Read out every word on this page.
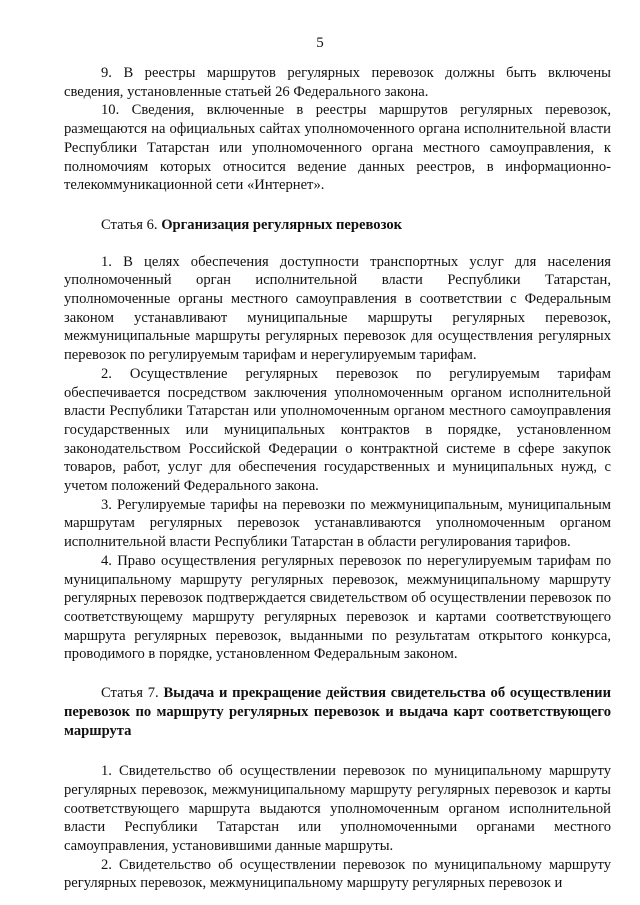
5

9. В реестры маршрутов регулярных перевозок должны быть включены сведения, установленные статьей 26 Федерального закона.

10. Сведения, включенные в реестры маршрутов регулярных перевозок, размещаются на официальных сайтах уполномоченного органа исполнительной власти Республики Татарстан или уполномоченного органа местного самоуправления, к полномочиям которых относится ведение данных реестров, в информационно-телекоммуникационной сети «Интернет».

Статья 6. Организация регулярных перевозок

1. В целях обеспечения доступности транспортных услуг для населения уполномоченный орган исполнительной власти Республики Татарстан, уполномоченные органы местного самоуправления в соответствии с Федеральным законом устанавливают муниципальные маршруты регулярных перевозок, межмуниципальные маршруты регулярных перевозок для осуществления регулярных перевозок по регулируемым тарифам и нерегулируемым тарифам.

2. Осуществление регулярных перевозок по регулируемым тарифам обеспечивается посредством заключения уполномоченным органом исполнительной власти Республики Татарстан или уполномоченным органом местного самоуправления государственных или муниципальных контрактов в порядке, установленном законодательством Российской Федерации о контрактной системе в сфере закупок товаров, работ, услуг для обеспечения государственных и муниципальных нужд, с учетом положений Федерального закона.

3. Регулируемые тарифы на перевозки по межмуниципальным, муниципальным маршрутам регулярных перевозок устанавливаются уполномоченным органом исполнительной власти Республики Татарстан в области регулирования тарифов.

4. Право осуществления регулярных перевозок по нерегулируемым тарифам по муниципальному маршруту регулярных перевозок, межмуниципальному маршруту регулярных перевозок подтверждается свидетельством об осуществлении перевозок по соответствующему маршруту регулярных перевозок и картами соответствующего маршрута регулярных перевозок, выданными по результатам открытого конкурса, проводимого в порядке, установленном Федеральным законом.

Статья 7. Выдача и прекращение действия свидетельства об осуществлении перевозок по маршруту регулярных перевозок и выдача карт соответствующего маршрута

1. Свидетельство об осуществлении перевозок по муниципальному маршруту регулярных перевозок, межмуниципальному маршруту регулярных перевозок и карты соответствующего маршрута выдаются уполномоченным органом исполнительной власти Республики Татарстан или уполномоченными органами местного самоуправления, установившими данные маршруты.

2. Свидетельство об осуществлении перевозок по муниципальному маршруту регулярных перевозок, межмуниципальному маршруту регулярных перевозок и
